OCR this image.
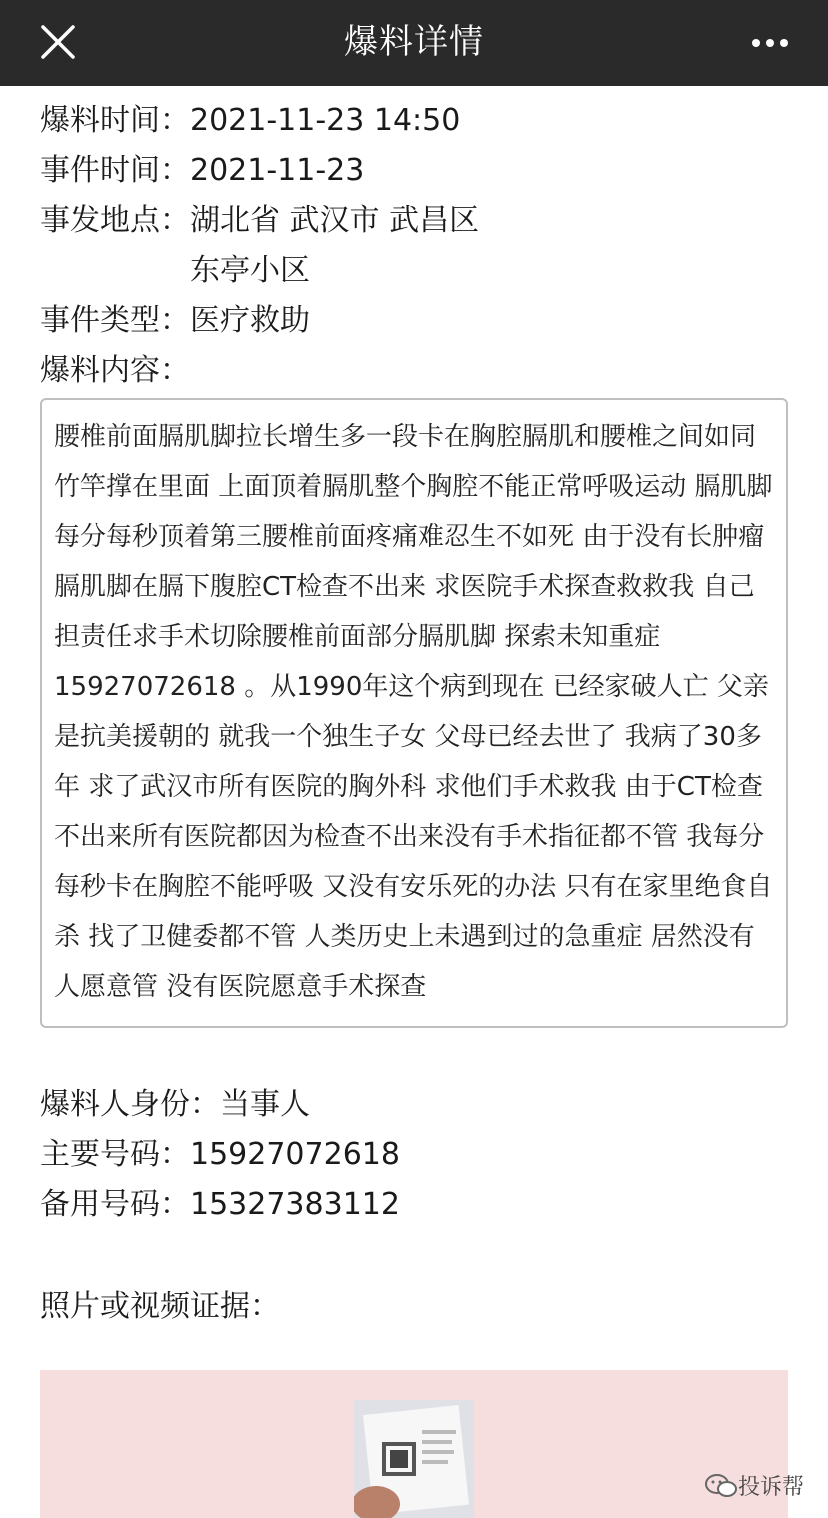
爆料详情
爆料时间： 2021-11-23 14:50
事件时间： 2021-11-23
事发地点： 湖北省 武汉市 武昌区
东亭小区
事件类型： 医疗救助
爆料内容：
腰椎前面膈肌脚拉长增生多一段卡在胸腔膈肌和腰椎之间如同竹竿撑在里面 上面顶着膈肌整个胸腔不能正常呼吸运动 膈肌脚每分每秒顶着第三腰椎前面疼痛难忍生不如死 由于没有长肿瘤 膈肌脚在膈下腹腔CT检查不出来 求医院手术探查救救我 自己担责任求手术切除腰椎前面部分膈肌脚 探索未知重症15927072618 。从1990年这个病到现在 已经家破人亡 父亲是抗美援朝的 就我一个独生子女 父母已经去世了 我病了30多年 求了武汉市所有医院的胸外科 求他们手术救我 由于CT检查不出来所有医院都因为检查不出来没有手术指征都不管 我每分每秒卡在胸腔不能呼吸 又没有安乐死的办法 只有在家里绝食自杀 找了卫健委都不管 人类历史上未遇到过的急重症 居然没有人愿意管 没有医院愿意手术探查
爆料人身份： 当事人
主要号码： 15927072618
备用号码： 15327383112
照片或视频证据：
投诉帮
